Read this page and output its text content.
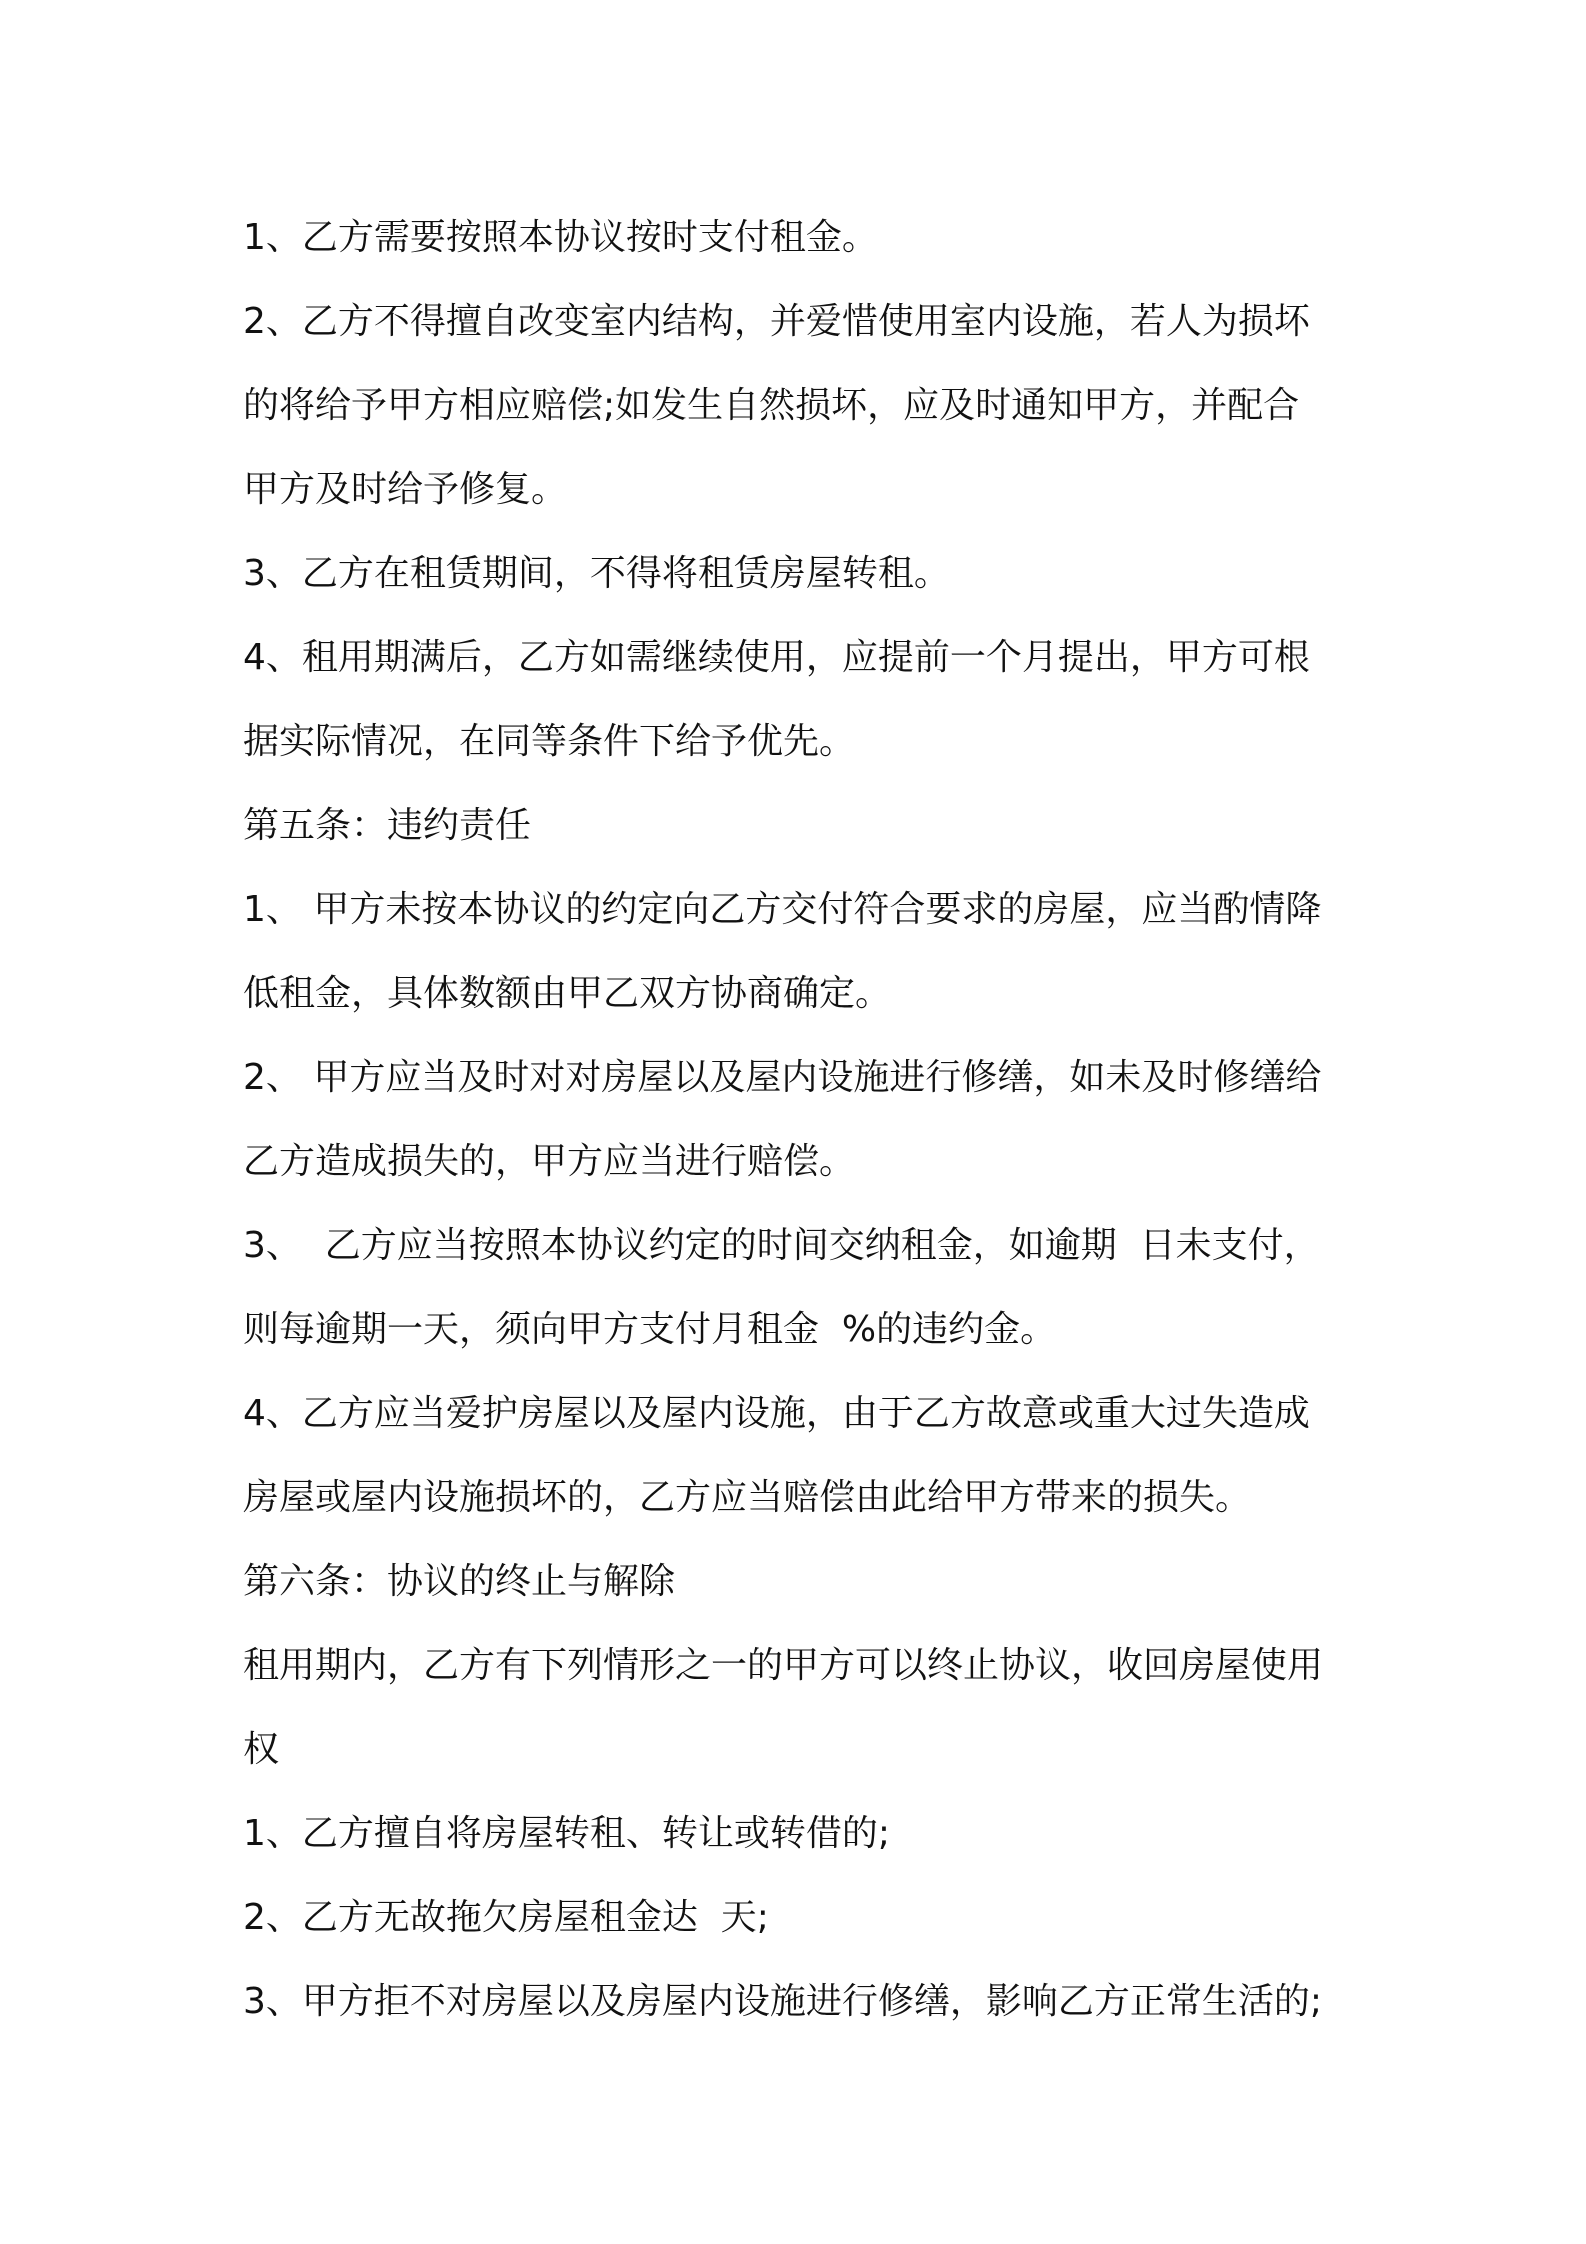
1、乙方需要按照本协议按时支付租金。
2、乙方不得擅自改变室内结构，并爱惜使用室内设施，若人为损坏
的将给予甲方相应赔偿;如发生自然损坏，应及时通知甲方，并配合
甲方及时给予修复。
3、乙方在租赁期间，不得将租赁房屋转租。
4、租用期满后，乙方如需继续使用，应提前一个月提出，甲方可根
据实际情况，在同等条件下给予优先。
第五条：违约责任
1、 甲方未按本协议的约定向乙方交付符合要求的房屋，应当酌情降
低租金，具体数额由甲乙双方协商确定。
2、 甲方应当及时对对房屋以及屋内设施进行修缮，如未及时修缮给
乙方造成损失的，甲方应当进行赔偿。
3、  乙方应当按照本协议约定的时间交纳租金，如逾期  日未支付，
则每逾期一天，须向甲方支付月租金  %的违约金。
4、乙方应当爱护房屋以及屋内设施，由于乙方故意或重大过失造成
房屋或屋内设施损坏的，乙方应当赔偿由此给甲方带来的损失。
第六条：协议的终止与解除
租用期内，乙方有下列情形之一的甲方可以终止协议，收回房屋使用
权
1、乙方擅自将房屋转租、转让或转借的;
2、乙方无故拖欠房屋租金达  天;
3、甲方拒不对房屋以及房屋内设施进行修缮，影响乙方正常生活的;
